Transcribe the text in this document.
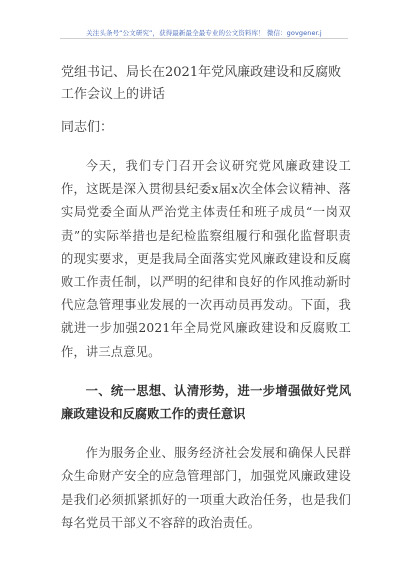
关注头条号“公文研究”，获得最新最全最专业的公文资料库！ 微信：govgener.j

党组书记、局长在2021年党风廉政建设和反腐败工作会议上的讲话

同志们：

今天，我们专门召开会议研究党风廉政建设工作，这既是深入贯彻县纪委x届x次全体会议精神、落实局党委全面从严治党主体责任和班子成员“一岗双责”的实际举措也是纪检监察组履行和强化监督职责的现实要求，更是我局全面落实党风廉政建设和反腐败工作责任制，以严明的纪律和良好的作风推动新时代应急管理事业发展的一次再动员再发动。下面，我就进一步加强2021年全局党风廉政建设和反腐败工作，讲三点意见。

一、统一思想、认清形势，进一步增强做好党风廉政建设和反腐败工作的责任意识

作为服务企业、服务经济社会发展和确保人民群众生命财产安全的应急管理部门，加强党风廉政建设是我们必须抓紧抓好的一项重大政治任务，也是我们每名党员干部义不容辞的政治责任。
